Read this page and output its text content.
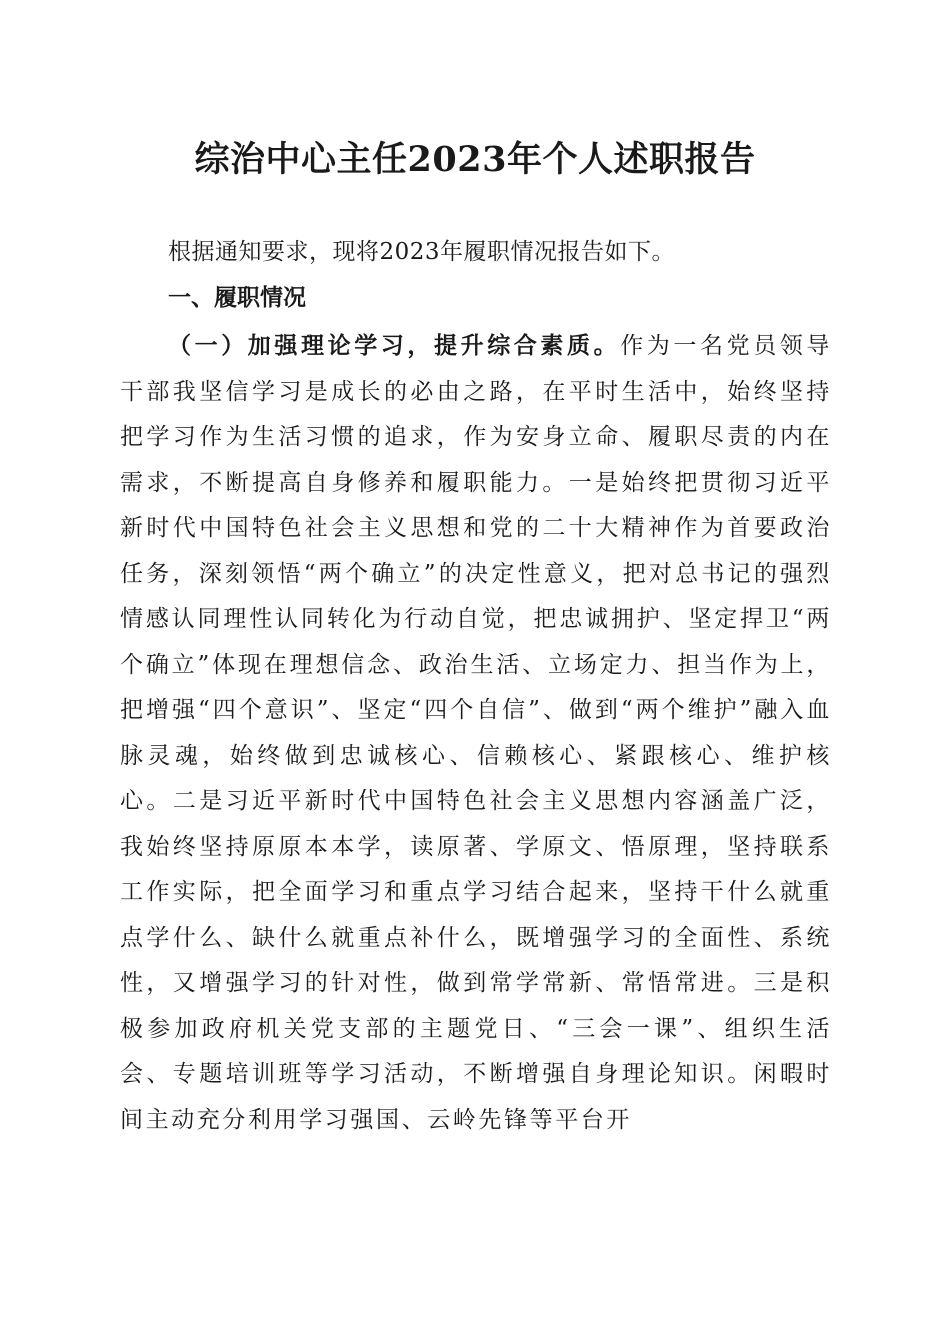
综治中心主任2023年个人述职报告

根据通知要求，现将2023年履职情况报告如下。

一、履职情况

（一）加强理论学习，提升综合素质。作为一名党员领导干部我坚信学习是成长的必由之路，在平时生活中，始终坚持把学习作为生活习惯的追求，作为安身立命、履职尽责的内在需求，不断提高自身修养和履职能力。一是始终把贯彻习近平新时代中国特色社会主义思想和党的二十大精神作为首要政治任务，深刻领悟“两个确立”的决定性意义，把对总书记的强烈情感认同理性认同转化为行动自觉，把忠诚拥护、坚定捍卫“两个确立”体现在理想信念、政治生活、立场定力、担当作为上，把增强“四个意识”、坚定“四个自信”、做到“两个维护”融入血脉灵魂，始终做到忠诚核心、信赖核心、紧跟核心、维护核心。二是习近平新时代中国特色社会主义思想内容涵盖广泛，我始终坚持原原本本学，读原著、学原文、悟原理，坚持联系工作实际，把全面学习和重点学习结合起来，坚持干什么就重点学什么、缺什么就重点补什么，既增强学习的全面性、系统性，又增强学习的针对性，做到常学常新、常悟常进。三是积极参加政府机关党支部的主题党日、“三会一课”、组织生活会、专题培训班等学习活动，不断增强自身理论知识。闲暇时间主动充分利用学习强国、云岭先锋等平台开
